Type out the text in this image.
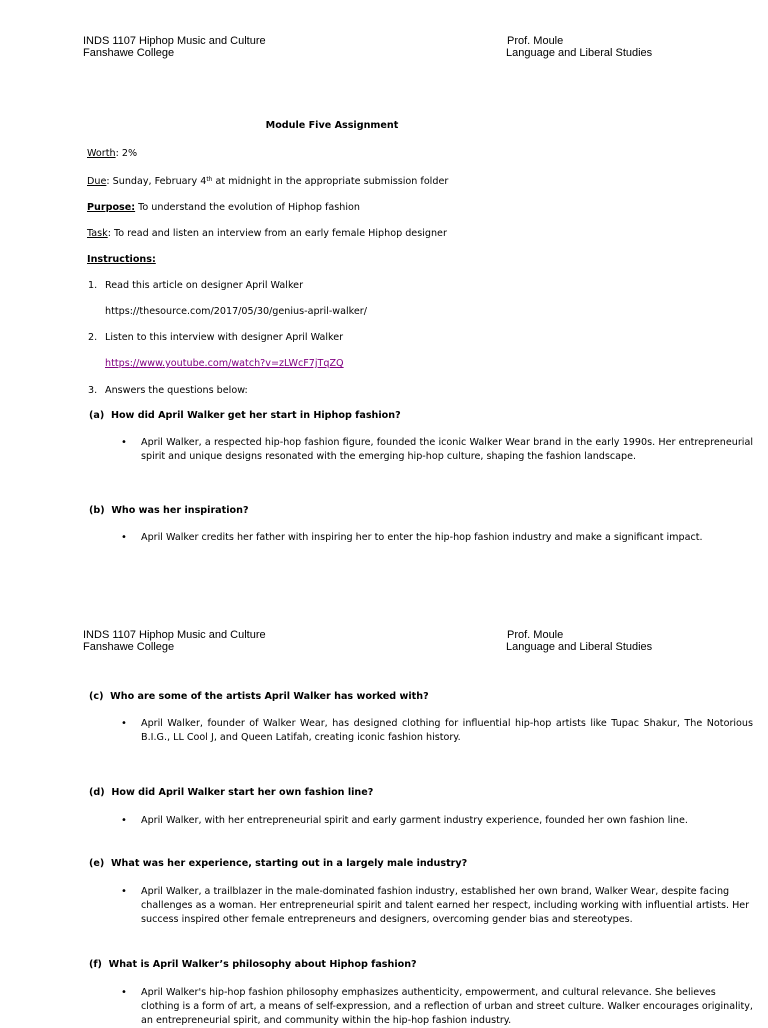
INDS 1107 Hiphop Music and Culture
Fanshawe College
Prof. Moule
Language and Liberal Studies
Module Five Assignment
Worth: 2%
Due: Sunday, February 4th at midnight in the appropriate submission folder
Purpose: To understand the evolution of Hiphop fashion
Task: To read and listen an interview from an early female Hiphop designer
Instructions:
1. Read this article on designer April Walker
https://thesource.com/2017/05/30/genius-april-walker/
2. Listen to this interview with designer April Walker
https://www.youtube.com/watch?v=zLWcF7jTqZQ
3. Answers the questions below:
(a) How did April Walker get her start in Hiphop fashion?
• April Walker, a respected hip-hop fashion figure, founded the iconic Walker Wear brand in the early 1990s. Her entrepreneurial spirit and unique designs resonated with the emerging hip-hop culture, shaping the fashion landscape.
(b) Who was her inspiration?
• April Walker credits her father with inspiring her to enter the hip-hop fashion industry and make a significant impact.
INDS 1107 Hiphop Music and Culture
Fanshawe College
Prof. Moule
Language and Liberal Studies
(c) Who are some of the artists April Walker has worked with?
• April Walker, founder of Walker Wear, has designed clothing for influential hip-hop artists like Tupac Shakur, The Notorious B.I.G., LL Cool J, and Queen Latifah, creating iconic fashion history.
(d) How did April Walker start her own fashion line?
• April Walker, with her entrepreneurial spirit and early garment industry experience, founded her own fashion line.
(e) What was her experience, starting out in a largely male industry?
• April Walker, a trailblazer in the male-dominated fashion industry, established her own brand, Walker Wear, despite facing challenges as a woman. Her entrepreneurial spirit and talent earned her respect, including working with influential artists. Her success inspired other female entrepreneurs and designers, overcoming gender bias and stereotypes.
(f) What is April Walker’s philosophy about Hiphop fashion?
• April Walker's hip-hop fashion philosophy emphasizes authenticity, empowerment, and cultural relevance. She believes clothing is a form of art, a means of self-expression, and a reflection of urban and street culture. Walker encourages originality, an entrepreneurial spirit, and community within the hip-hop fashion industry.
